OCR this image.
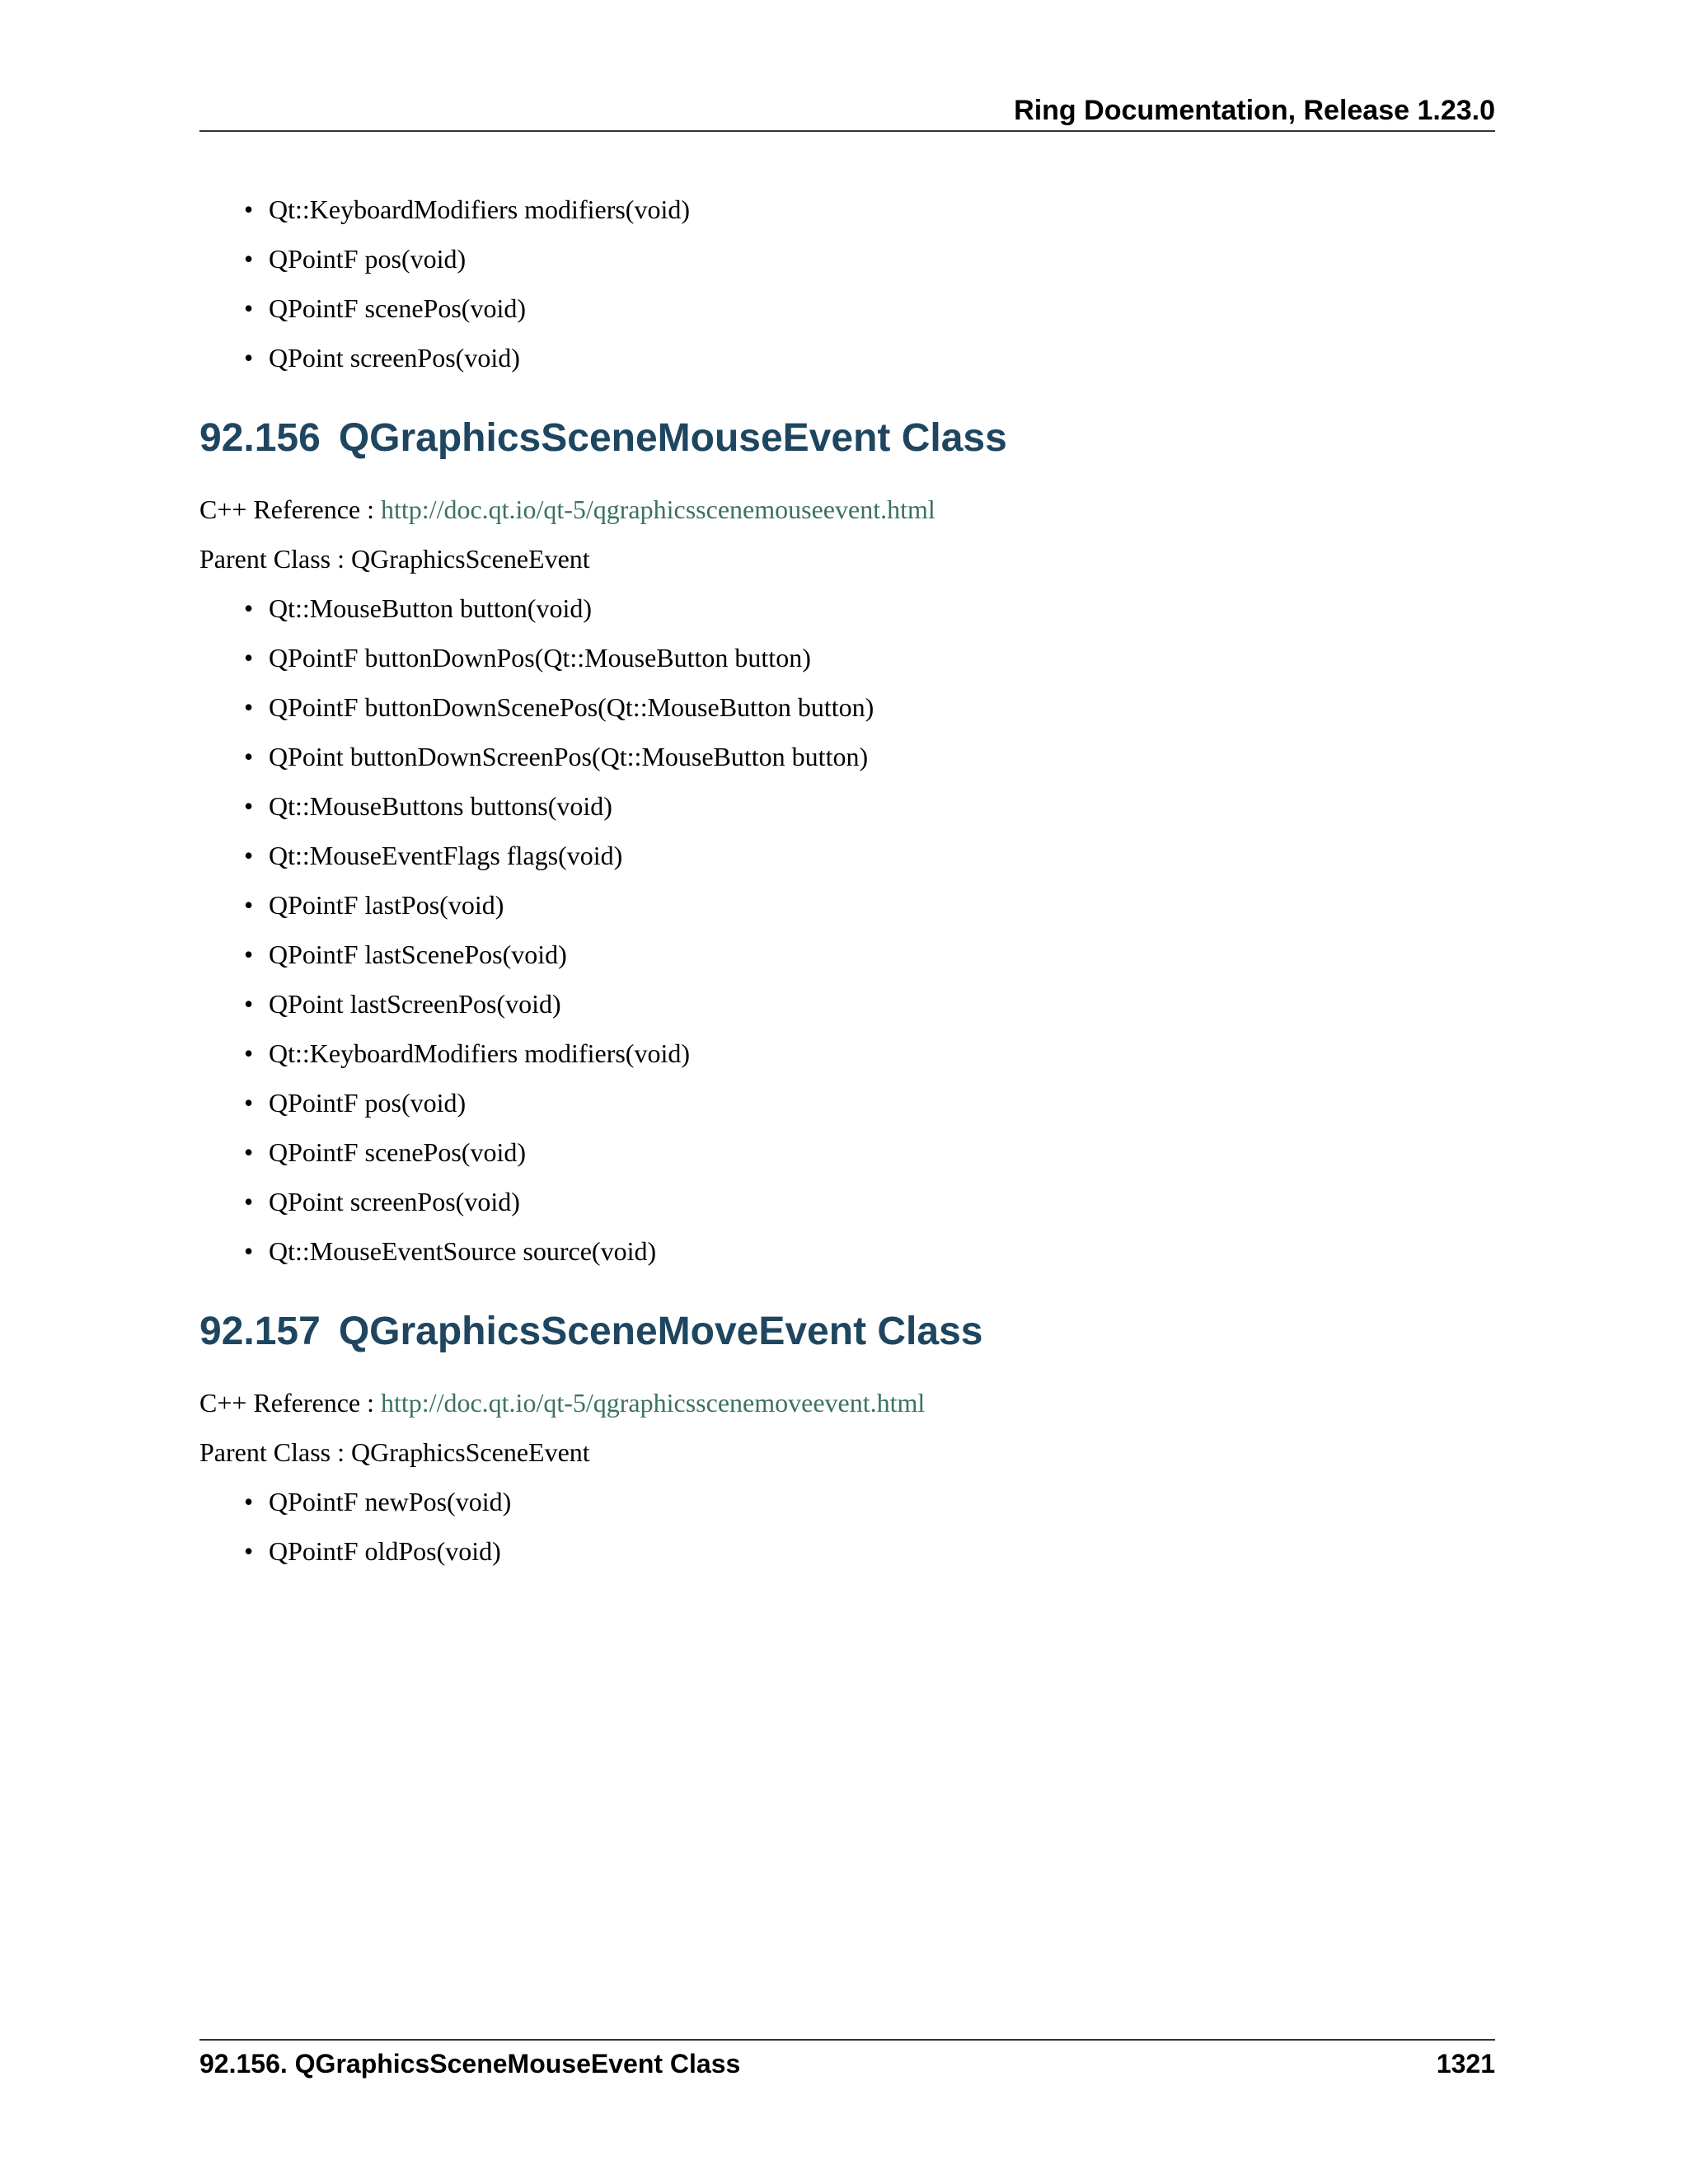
Ring Documentation, Release 1.23.0
• Qt::KeyboardModifiers modifiers(void)
• QPointF pos(void)
• QPointF scenePos(void)
• QPoint screenPos(void)
92.156 QGraphicsSceneMouseEvent Class

C++ Reference : http://doc.qt.io/qt-5/qgraphicsscenemouseevent.html

Parent Class : QGraphicsSceneEvent

• Qt::MouseButton button(void)
• QPointF buttonDownPos(Qt::MouseButton button)
• QPointF buttonDownScenePos(Qt::MouseButton button)
• QPoint buttonDownScreenPos(Qt::MouseButton button)
• Qt::MouseButtons buttons(void)
• Qt::MouseEventFlags flags(void)
• QPointF lastPos(void)
• QPointF lastScenePos(void)
• QPoint lastScreenPos(void)
• Qt::KeyboardModifiers modifiers(void)
• QPointF pos(void)
• QPointF scenePos(void)
• QPoint screenPos(void)
• Qt::MouseEventSource source(void)
92.157 QGraphicsSceneMoveEvent Class

C++ Reference : http://doc.qt.io/qt-5/qgraphicsscenemoveevent.html

Parent Class : QGraphicsSceneEvent

• QPointF newPos(void)
• QPointF oldPos(void)
92.156. QGraphicsSceneMouseEvent Class	1321
